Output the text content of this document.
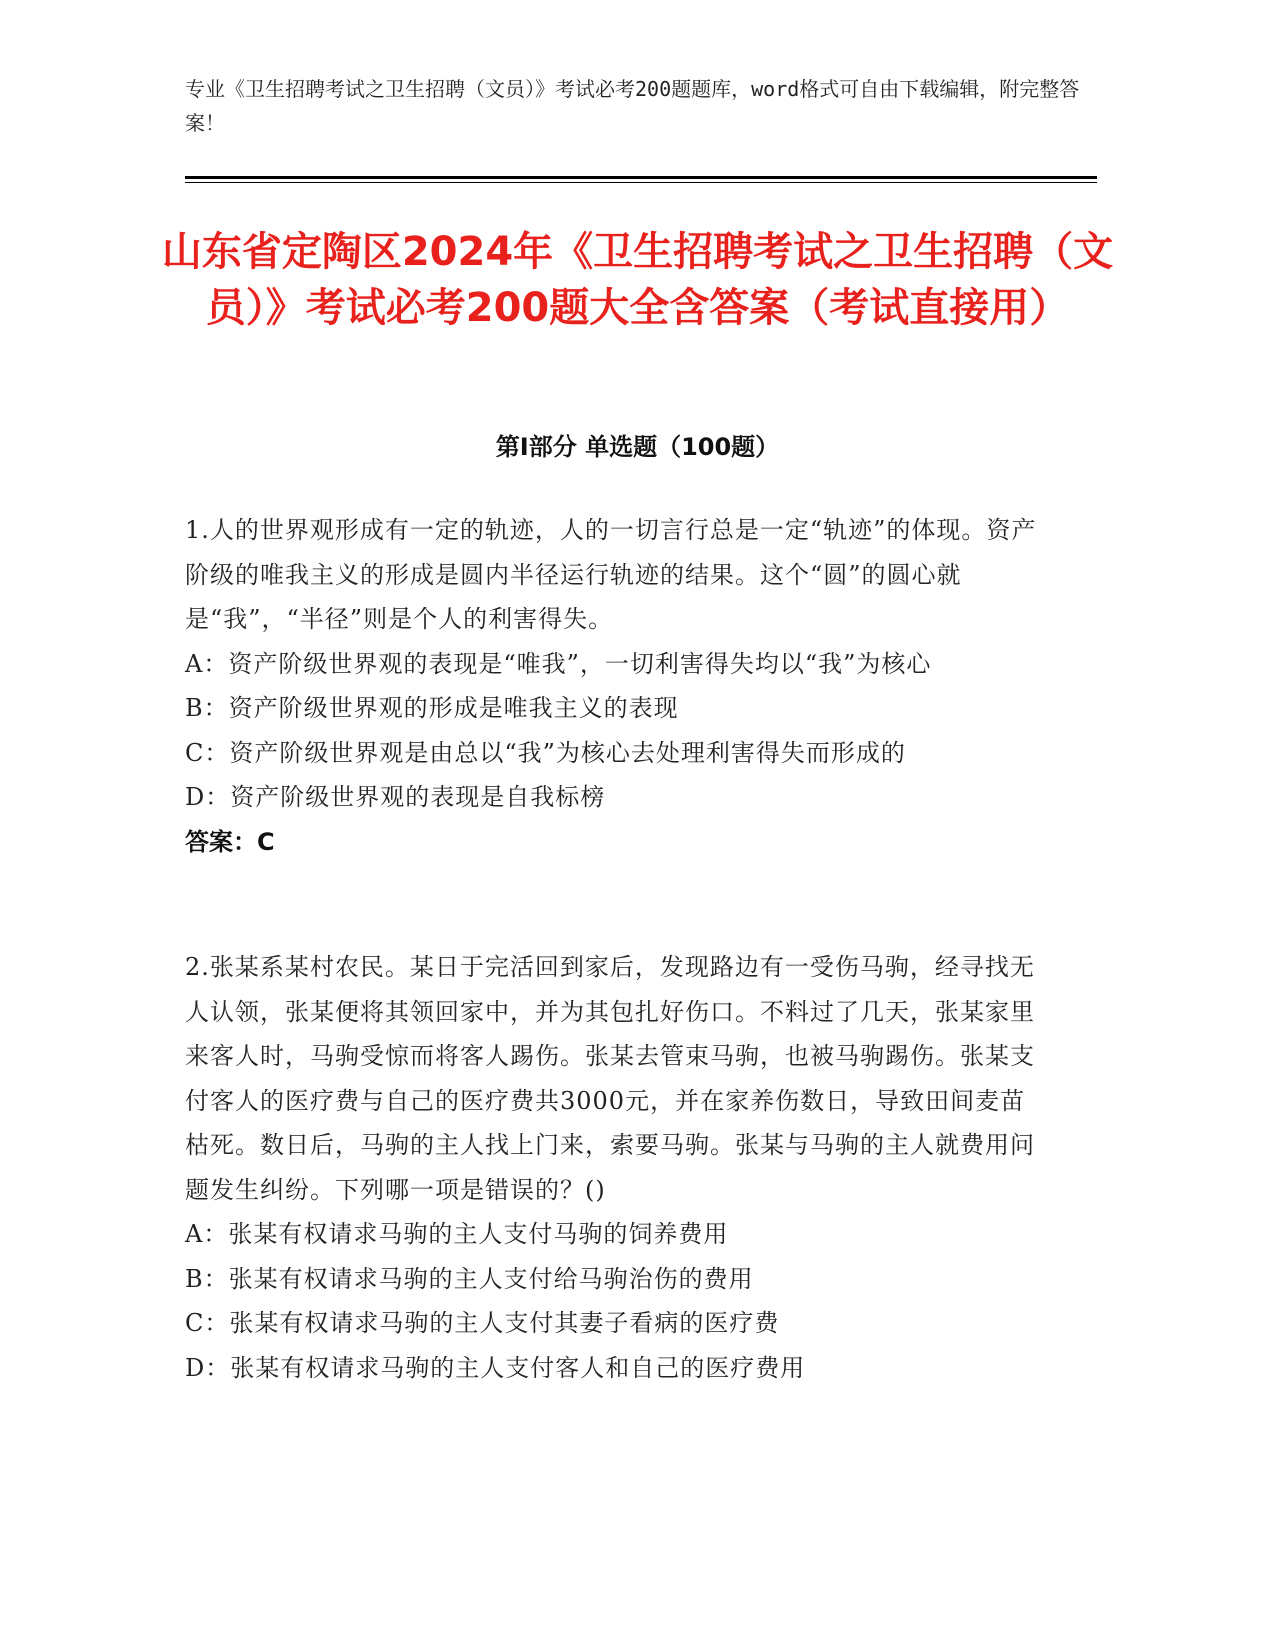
专业《卫生招聘考试之卫生招聘（文员）》考试必考200题题库，word格式可自由下载编辑，附完整答案！
山东省定陶区2024年《卫生招聘考试之卫生招聘（文员）》考试必考200题大全含答案（考试直接用）
第Ⅰ部分 单选题（100题）
1.人的世界观形成有一定的轨迹，人的一切言行总是一定“轨迹”的体现。资产阶级的唯我主义的形成是圆内半径运行轨迹的结果。这个“圆”的圆心就是“我”，“半径”则是个人的利害得失。
A：资产阶级世界观的表现是“唯我”，一切利害得失均以“我”为核心
B：资产阶级世界观的形成是唯我主义的表现
C：资产阶级世界观是由总以“我”为核心去处理利害得失而形成的
D：资产阶级世界观的表现是自我标榜
答案：C
2.张某系某村农民。某日于完活回到家后，发现路边有一受伤马驹，经寻找无人认领，张某便将其领回家中，并为其包扎好伤口。不料过了几天，张某家里来客人时，马驹受惊而将客人踢伤。张某去管束马驹，也被马驹踢伤。张某支付客人的医疗费与自己的医疗费共3000元，并在家养伤数日，导致田间麦苗枯死。数日后，马驹的主人找上门来，索要马驹。张某与马驹的主人就费用问题发生纠纷。下列哪一项是错误的？()
A：张某有权请求马驹的主人支付马驹的饲养费用
B：张某有权请求马驹的主人支付给马驹治伤的费用
C：张某有权请求马驹的主人支付其妻子看病的医疗费
D：张某有权请求马驹的主人支付客人和自己的医疗费用
